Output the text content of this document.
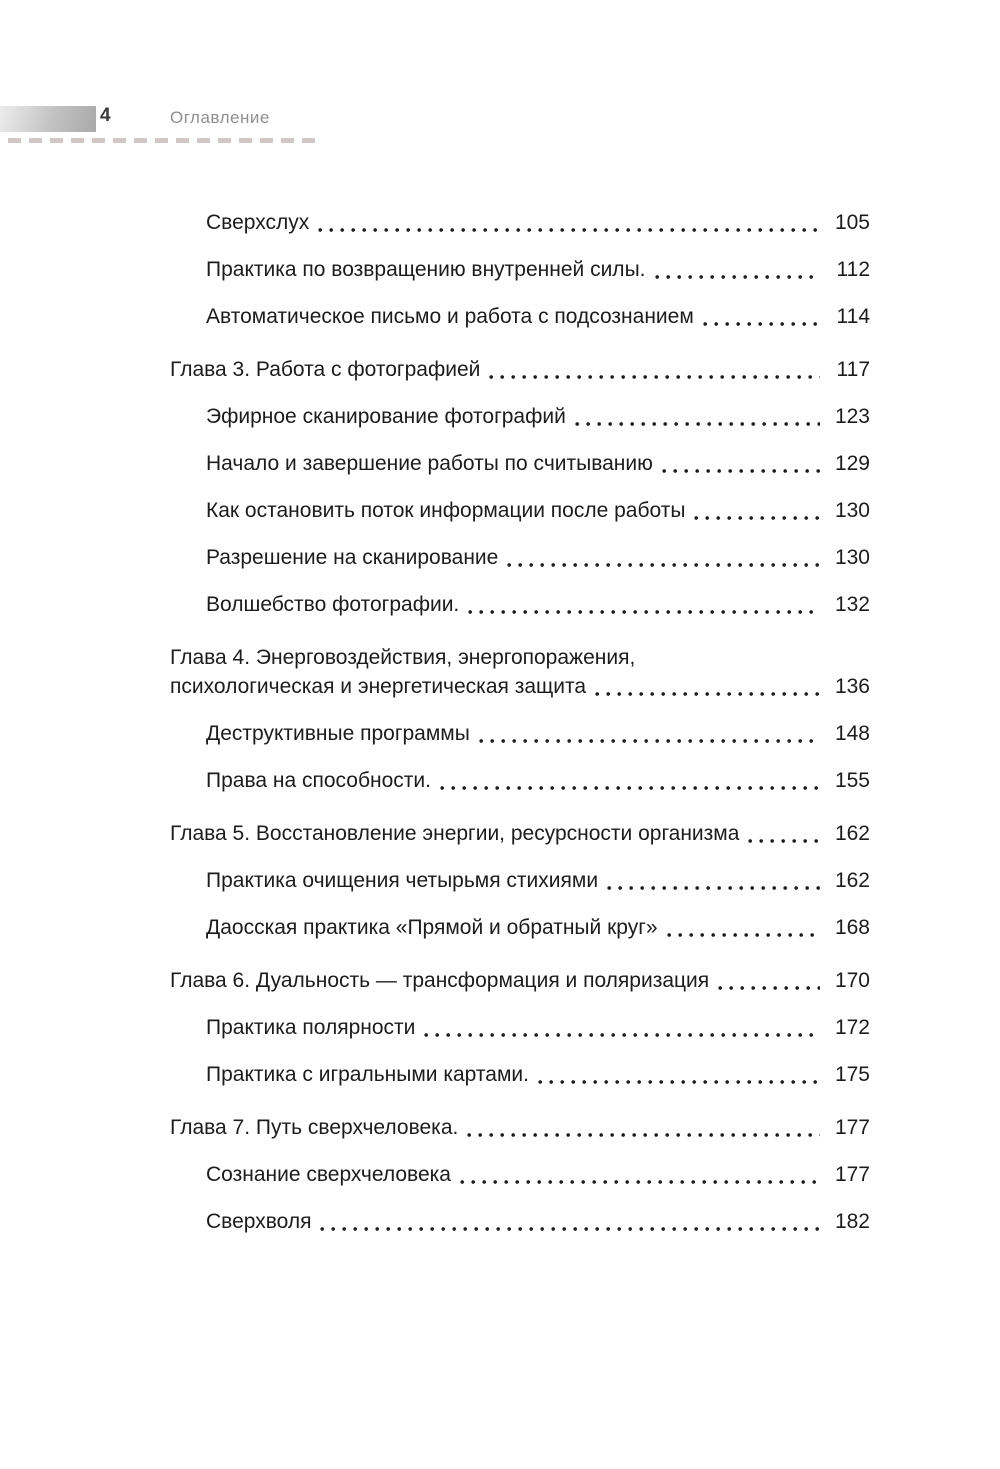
4	Оглавление
Сверхслух	105
Практика по возвращению внутренней силы.	112
Автоматическое письмо и работа с подсознанием	114
Глава 3. Работа с фотографией	117
Эфирное сканирование фотографий	123
Начало и завершение работы по считыванию	129
Как остановить поток информации после работы	130
Разрешение на сканирование	130
Волшебство фотографии.	132
Глава 4. Энерговоздействия, энергопоражения,
психологическая и энергетическая защита	136
Деструктивные программы	148
Права на способности.	155
Глава 5. Восстановление энергии, ресурсности организма	162
Практика очищения четырьмя стихиями	162
Даосская практика «Прямой и обратный круг»	168
Глава 6. Дуальность — трансформация и поляризация	170
Практика полярности	172
Практика с игральными картами.	175
Глава 7. Путь сверхчеловека.	177
Сознание сверхчеловека	177
Сверхволя	182
